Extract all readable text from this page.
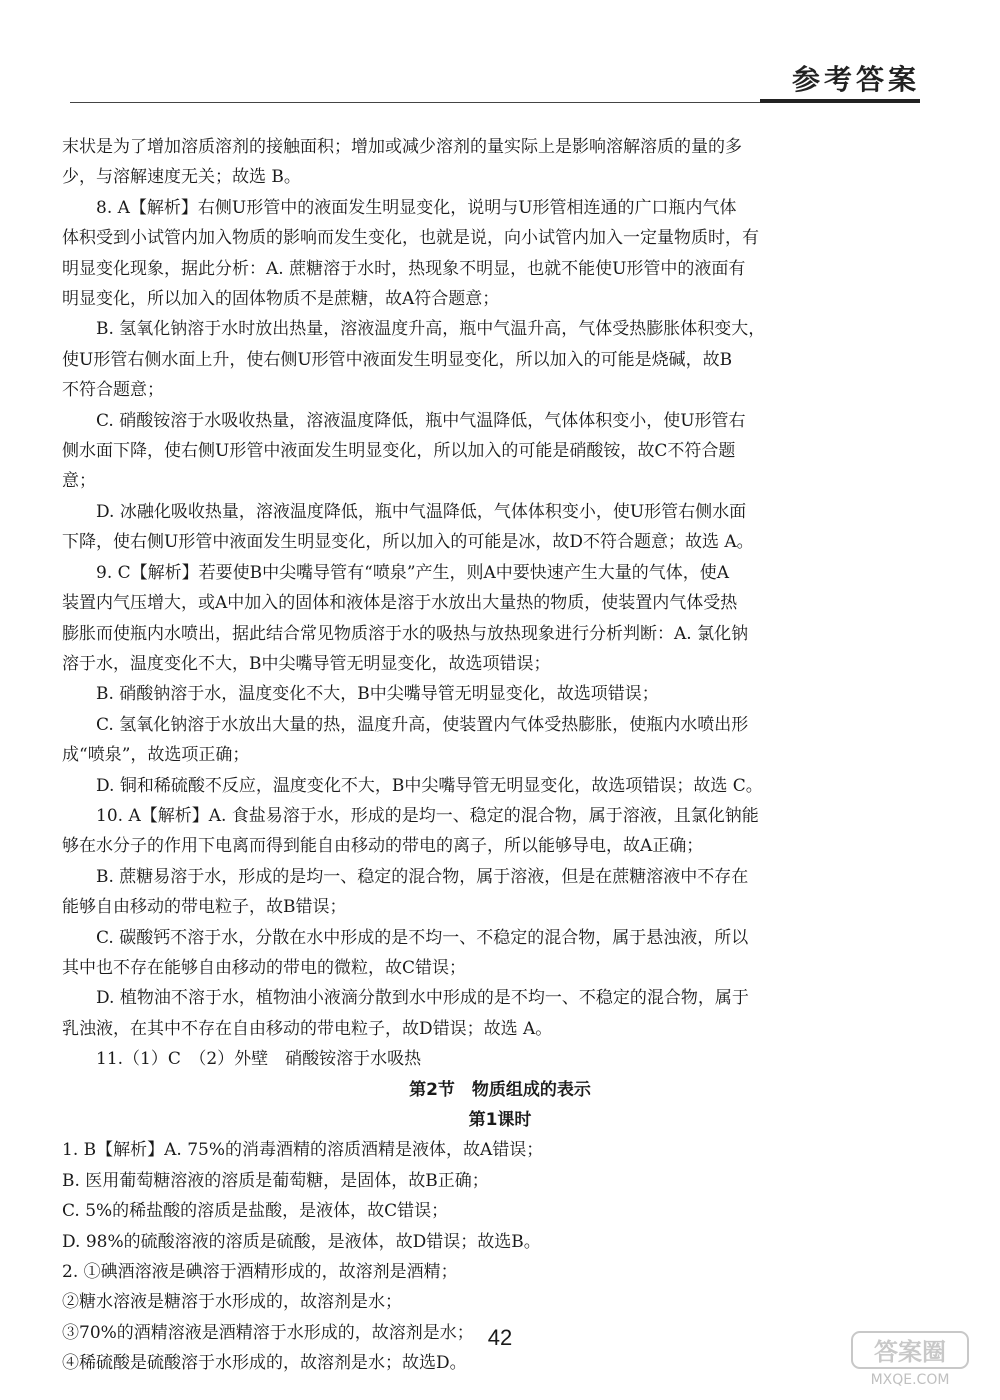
参考答案
末状是为了增加溶质溶剂的接触面积；增加或减少溶剂的量实际上是影响溶解溶质的量的多
少，与溶解速度无关；故选 B。
8. A【解析】右侧U形管中的液面发生明显变化，说明与U形管相连通的广口瓶内气体
体积受到小试管内加入物质的影响而发生变化，也就是说，向小试管内加入一定量物质时，有
明显变化现象，据此分析：A. 蔗糖溶于水时，热现象不明显，也就不能使U形管中的液面有
明显变化，所以加入的固体物质不是蔗糖，故A符合题意；
B. 氢氧化钠溶于水时放出热量，溶液温度升高，瓶中气温升高，气体受热膨胀体积变大，
使U形管右侧水面上升，使右侧U形管中液面发生明显变化，所以加入的可能是烧碱，故B
不符合题意；
C. 硝酸铵溶于水吸收热量，溶液温度降低，瓶中气温降低，气体体积变小，使U形管右
侧水面下降，使右侧U形管中液面发生明显变化，所以加入的可能是硝酸铵，故C不符合题
意；
D. 冰融化吸收热量，溶液温度降低，瓶中气温降低，气体体积变小，使U形管右侧水面
下降，使右侧U形管中液面发生明显变化，所以加入的可能是冰，故D不符合题意；故选 A。
9. C【解析】若要使B中尖嘴导管有“喷泉”产生，则A中要快速产生大量的气体，使A
装置内气压增大，或A中加入的固体和液体是溶于水放出大量热的物质，使装置内气体受热
膨胀而使瓶内水喷出，据此结合常见物质溶于水的吸热与放热现象进行分析判断：A. 氯化钠
溶于水，温度变化不大，B中尖嘴导管无明显变化，故选项错误；
B. 硝酸钠溶于水，温度变化不大，B中尖嘴导管无明显变化，故选项错误；
C. 氢氧化钠溶于水放出大量的热，温度升高，使装置内气体受热膨胀，使瓶内水喷出形
成“喷泉”，故选项正确；
D. 铜和稀硫酸不反应，温度变化不大，B中尖嘴导管无明显变化，故选项错误；故选 C。
10. A【解析】A. 食盐易溶于水，形成的是均一、稳定的混合物，属于溶液，且氯化钠能
够在水分子的作用下电离而得到能自由移动的带电的离子，所以能够导电，故A正确；
B. 蔗糖易溶于水，形成的是均一、稳定的混合物，属于溶液，但是在蔗糖溶液中不存在
能够自由移动的带电粒子，故B错误；
C. 碳酸钙不溶于水，分散在水中形成的是不均一、不稳定的混合物，属于悬浊液，所以
其中也不存在能够自由移动的带电的微粒，故C错误；
D. 植物油不溶于水，植物油小液滴分散到水中形成的是不均一、不稳定的混合物，属于
乳浊液，在其中不存在自由移动的带电粒子，故D错误；故选 A。
11.（1）C　（2）外壁　硝酸铵溶于水吸热
第2节　物质组成的表示
第1课时
1. B【解析】A. 75%的消毒酒精的溶质酒精是液体，故A错误；
B. 医用葡萄糖溶液的溶质是葡萄糖，是固体，故B正确；
C. 5%的稀盐酸的溶质是盐酸，是液体，故C错误；
D. 98%的硫酸溶液的溶质是硫酸，是液体，故D错误；故选B。
2. ①碘酒溶液是碘溶于酒精形成的，故溶剂是酒精；
②糖水溶液是糖溶于水形成的，故溶剂是水；
③70%的酒精溶液是酒精溶于水形成的，故溶剂是水；
④稀硫酸是硫酸溶于水形成的，故溶剂是水；故选D。
42
答案圈
MXQE.COM
